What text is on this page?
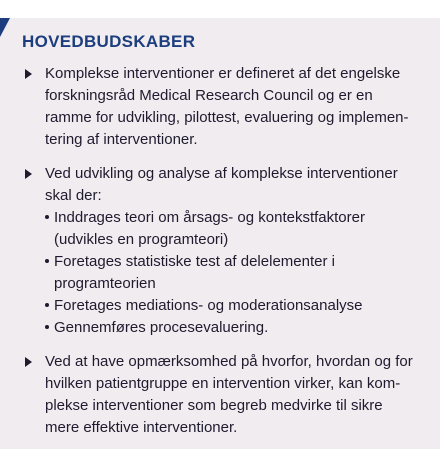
HOVEDBUDSKABER
Komplekse interventioner er defineret af det engelske
forskningsråd Medical Research Council og er en
ramme for udvikling, pilottest, evaluering og implemen-
tering af interventioner.
Ved udvikling og analyse af komplekse interventioner
skal der:
Inddrages teori om årsags- og kontekstfaktorer
(udvikles en programteori)
Foretages statistiske test af delelementer i
programteorien
Foretages mediations- og moderationsanalyse
Gennemføres procesevaluering.
Ved at have opmærksomhed på hvorfor, hvordan og for
hvilken patientgruppe en intervention virker, kan kom-
plekse interventioner som begreb medvirke til sikre
mere effektive interventioner.
